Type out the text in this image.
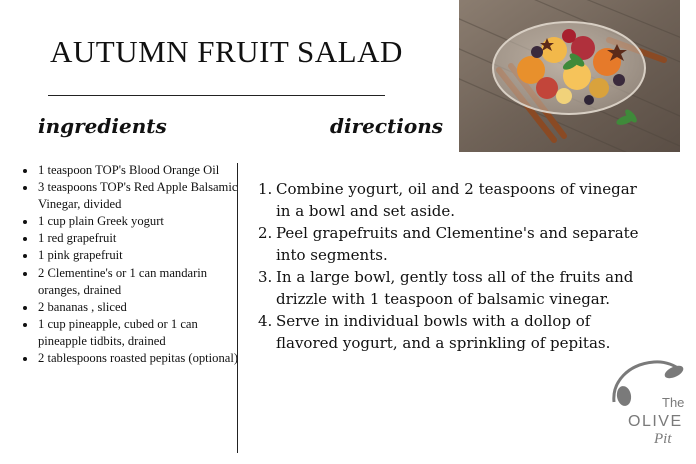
AUTUMN FRUIT SALAD
ingredients	directions
• 1 teaspoon TOP's Blood Orange Oil
• 3 teaspoons TOP's Red Apple Balsamic Vinegar, divided
• 1 cup plain Greek yogurt
• 1 red grapefruit
• 1 pink grapefruit
• 2 Clementine's or 1 can mandarin oranges, drained
• 2 bananas , sliced
• 1 cup pineapple, cubed or 1 can pineapple tidbits, drained
• 2 tablespoons roasted pepitas (optional)
1. Combine yogurt, oil and 2 teaspoons of vinegar in a bowl and set aside.
2. Peel grapefruits and Clementine's and separate into segments.
3. In a large bowl, gently toss all of the fruits and drizzle with 1 teaspoon of balsamic vinegar.
4. Serve in individual bowls with a dollop of flavored yogurt, and a sprinkling of pepitas.
The
OLIVE
Pit
